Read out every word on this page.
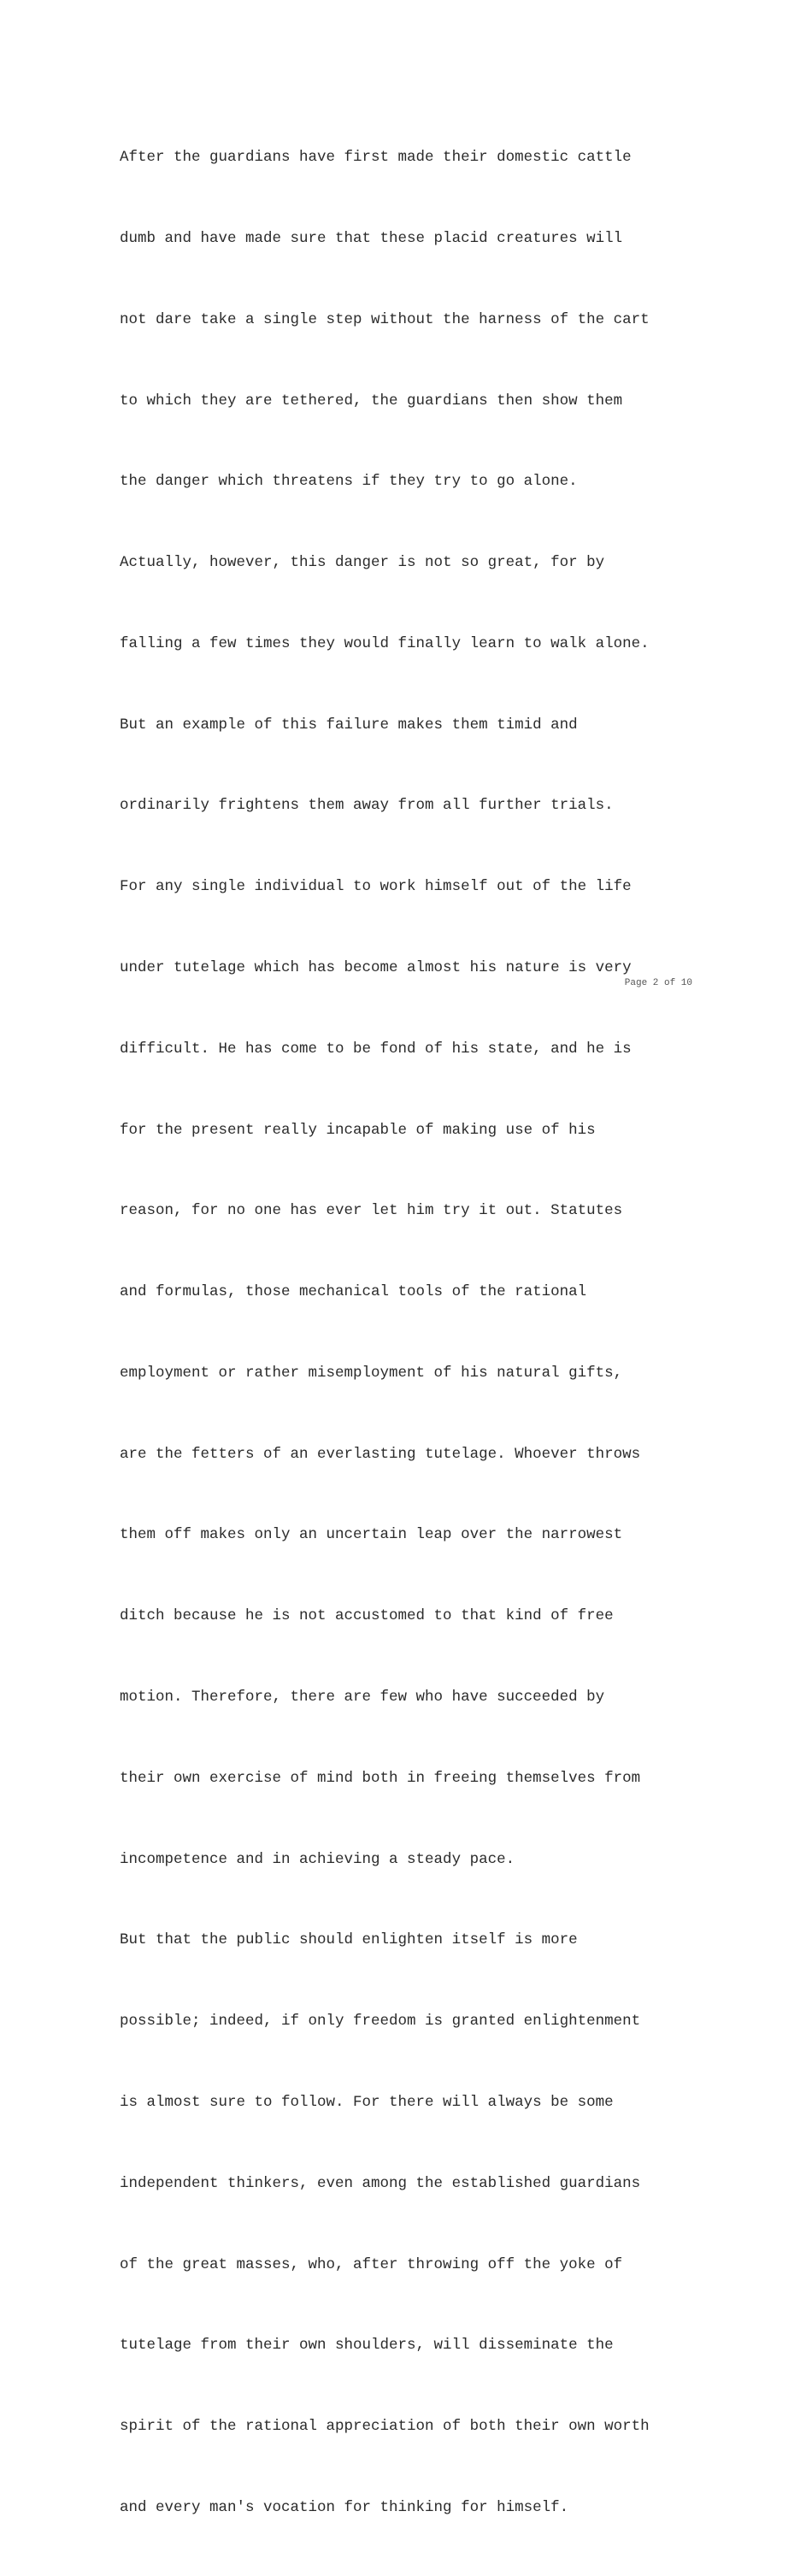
After the guardians have first made their domestic cattle

dumb and have made sure that these placid creatures will

not dare take a single step without the harness of the cart

to which they are tethered, the guardians then show them

the danger which threatens if they try to go alone.

Actually, however, this danger is not so great, for by

falling a few times they would finally learn to walk alone.

But an example of this failure makes them timid and

ordinarily frightens them away from all further trials.

For any single individual to work himself out of the life

under tutelage which has become almost his nature is very

difficult. He has come to be fond of his state, and he is

for the present really incapable of making use of his

reason, for no one has ever let him try it out. Statutes

and formulas, those mechanical tools of the rational

employment or rather misemployment of his natural gifts,

are the fetters of an everlasting tutelage. Whoever throws

them off makes only an uncertain leap over the narrowest

ditch because he is not accustomed to that kind of free

motion. Therefore, there are few who have succeeded by

their own exercise of mind both in freeing themselves from

incompetence and in achieving a steady pace.

But that the public should enlighten itself is more

possible; indeed, if only freedom is granted enlightenment

is almost sure to follow. For there will always be some

independent thinkers, even among the established guardians

of the great masses, who, after throwing off the yoke of

tutelage from their own shoulders, will disseminate the

spirit of the rational appreciation of both their own worth

and every man's vocation for thinking for himself.

Page 2 of 10
